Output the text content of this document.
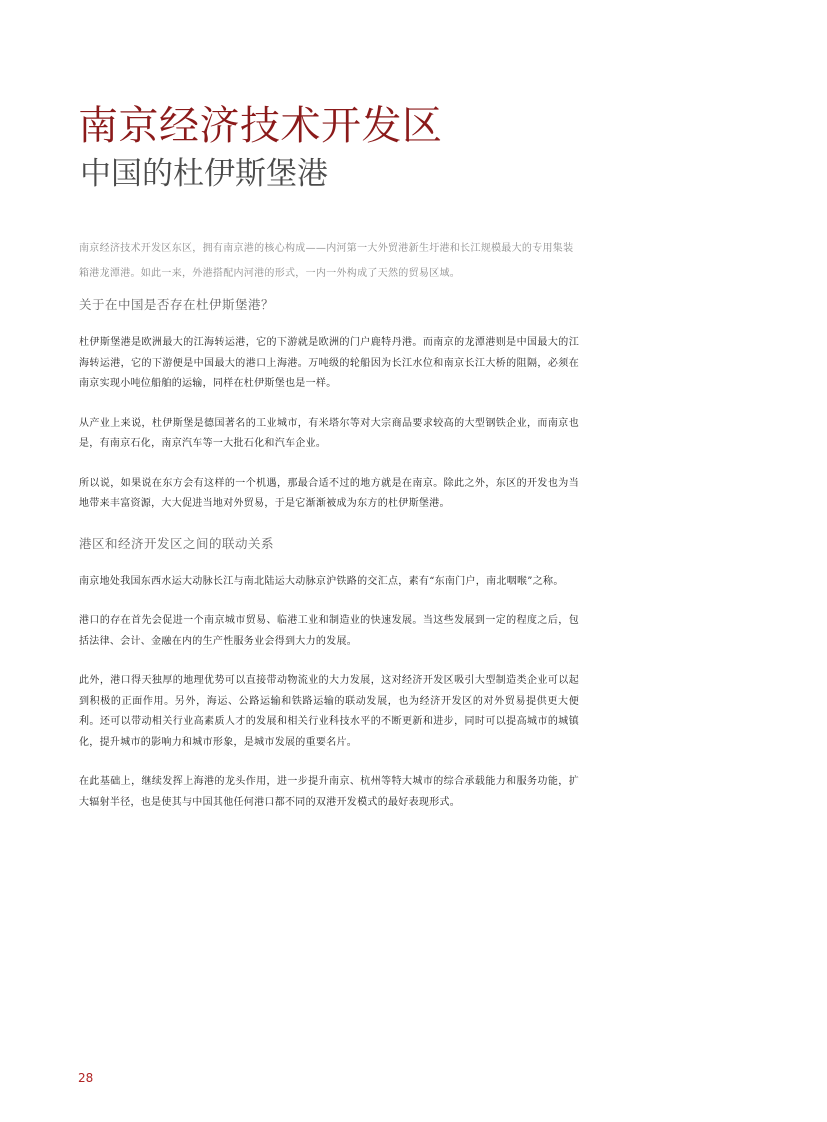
南京经济技术开发区
中国的杜伊斯堡港

南京经济技术开发区东区，拥有南京港的核心构成——内河第一大外贸港新生圩港和长江规模最大的专用集装箱港龙潭港。如此一来，外港搭配内河港的形式，一内一外构成了天然的贸易区域。

关于在中国是否存在杜伊斯堡港？

杜伊斯堡港是欧洲最大的江海转运港，它的下游就是欧洲的门户鹿特丹港。而南京的龙潭港则是中国最大的江海转运港，它的下游便是中国最大的港口上海港。万吨级的轮船因为长江水位和南京长江大桥的阻隔，必须在南京实现小吨位船舶的运输，同样在杜伊斯堡也是一样。

从产业上来说，杜伊斯堡是德国著名的工业城市，有米塔尔等对大宗商品要求较高的大型钢铁企业，而南京也是，有南京石化，南京汽车等一大批石化和汽车企业。

所以说，如果说在东方会有这样的一个机遇，那最合适不过的地方就是在南京。除此之外，东区的开发也为当地带来丰富资源，大大促进当地对外贸易，于是它渐渐被成为东方的杜伊斯堡港。

港区和经济开发区之间的联动关系

南京地处我国东西水运大动脉长江与南北陆运大动脉京沪铁路的交汇点，素有“东南门户，南北咽喉”之称。

港口的存在首先会促进一个南京城市贸易、临港工业和制造业的快速发展。当这些发展到一定的程度之后，包括法律、会计、金融在内的生产性服务业会得到大力的发展。

此外，港口得天独厚的地理优势可以直接带动物流业的大力发展，这对经济开发区吸引大型制造类企业可以起到积极的正面作用。另外，海运、公路运输和铁路运输的联动发展，也为经济开发区的对外贸易提供更大便利。还可以带动相关行业高素质人才的发展和相关行业科技水平的不断更新和进步，同时可以提高城市的城镇化，提升城市的影响力和城市形象，是城市发展的重要名片。

在此基础上，继续发挥上海港的龙头作用，进一步提升南京、杭州等特大城市的综合承载能力和服务功能，扩大辐射半径，也是使其与中国其他任何港口都不同的双港开发模式的最好表现形式。

28
